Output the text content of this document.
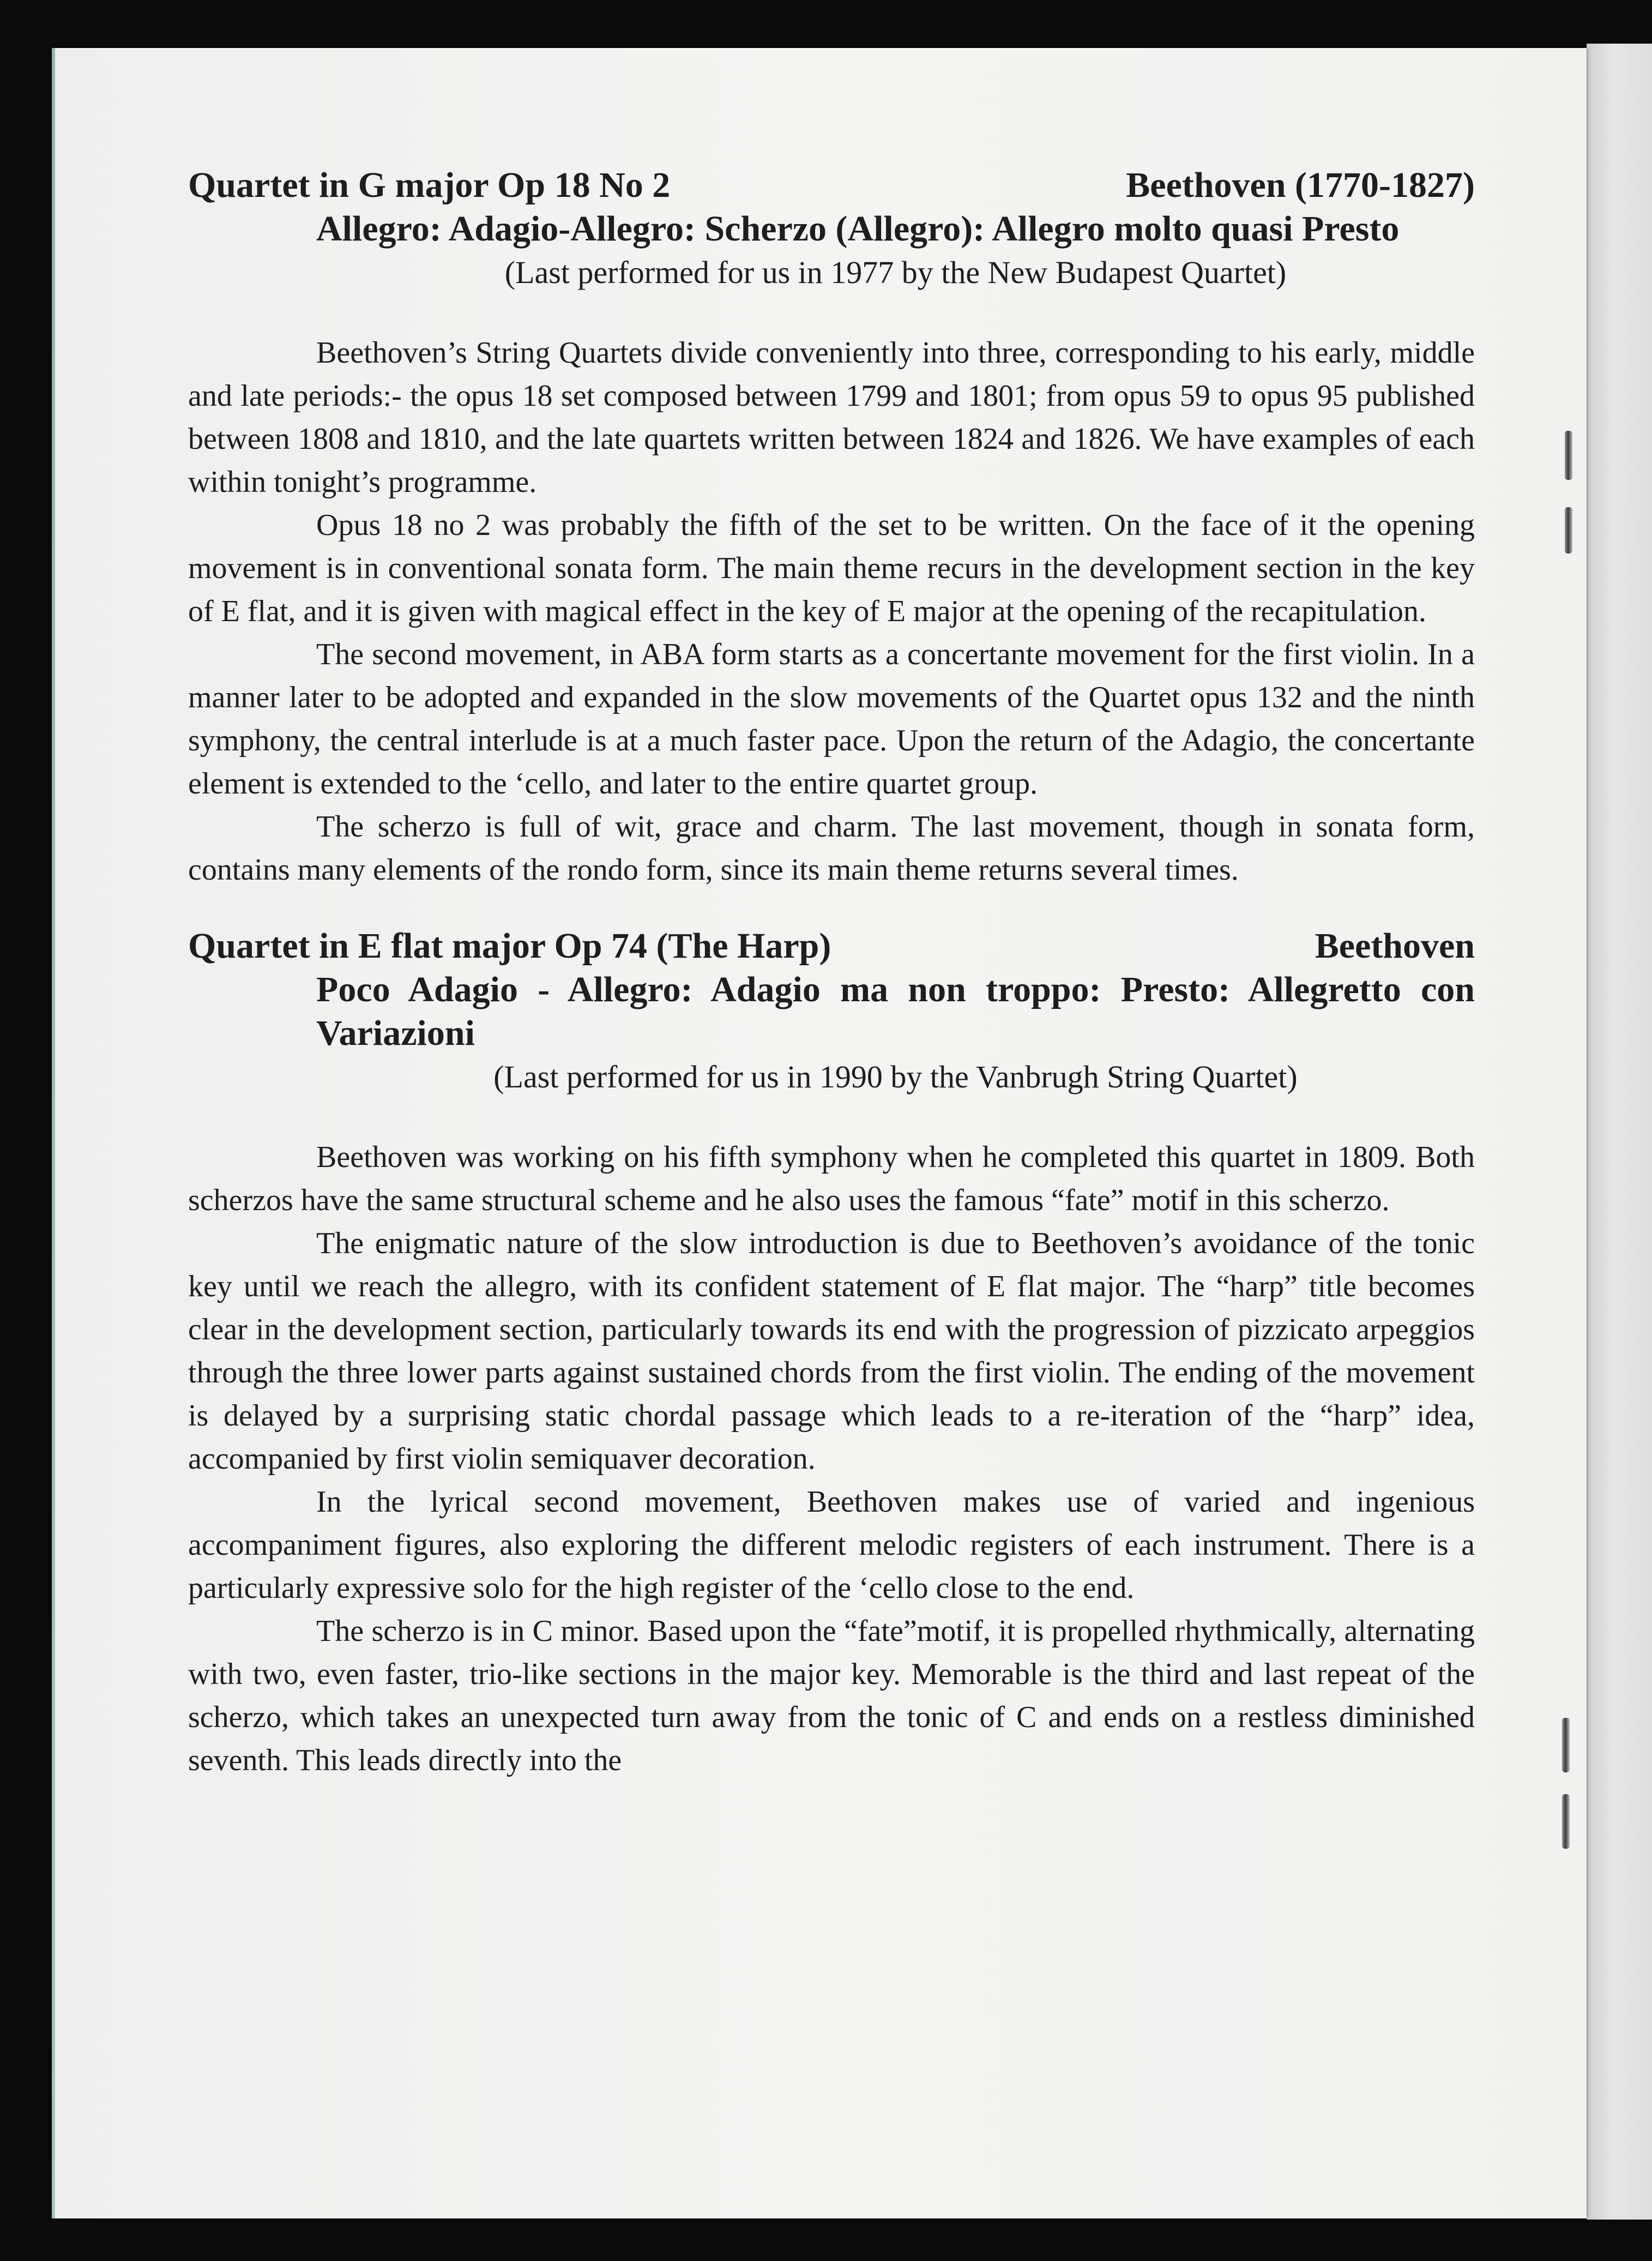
Quartet in G major Op 18 No 2	Beethoven (1770-1827)
Allegro: Adagio-Allegro: Scherzo (Allegro): Allegro molto quasi Presto
(Last performed for us in 1977 by the New Budapest Quartet)

Beethoven’s String Quartets divide conveniently into three, corresponding to his early, middle and late periods:- the opus 18 set composed between 1799 and 1801; from opus 59 to opus 95 published between 1808 and 1810, and the late quartets written between 1824 and 1826. We have examples of each within tonight’s programme.

Opus 18 no 2 was probably the fifth of the set to be written. On the face of it the opening movement is in conventional sonata form. The main theme recurs in the development section in the key of E flat, and it is given with magical effect in the key of E major at the opening of the recapitulation.

The second movement, in ABA form starts as a concertante movement for the first violin. In a manner later to be adopted and expanded in the slow movements of the Quartet opus 132 and the ninth symphony, the central interlude is at a much faster pace. Upon the return of the Adagio, the concertante element is extended to the ‘cello, and later to the entire quartet group.

The scherzo is full of wit, grace and charm. The last movement, though in sonata form, contains many elements of the rondo form, since its main theme returns several times.

Quartet in E flat major Op 74 (The Harp)	Beethoven
Poco Adagio - Allegro: Adagio ma non troppo: Presto: Allegretto con Variazioni
(Last performed for us in 1990 by the Vanbrugh String Quartet)

Beethoven was working on his fifth symphony when he completed this quartet in 1809. Both scherzos have the same structural scheme and he also uses the famous “fate” motif in this scherzo.

The enigmatic nature of the slow introduction is due to Beethoven’s avoidance of the tonic key until we reach the allegro, with its confident statement of E flat major. The “harp” title becomes clear in the development section, particularly towards its end with the progression of pizzicato arpeggios through the three lower parts against sustained chords from the first violin. The ending of the movement is delayed by a surprising static chordal passage which leads to a re-iteration of the “harp” idea, accompanied by first violin semiquaver decoration.

In the lyrical second movement, Beethoven makes use of varied and ingenious accompaniment figures, also exploring the different melodic registers of each instrument. There is a particularly expressive solo for the high register of the ‘cello close to the end.

The scherzo is in C minor. Based upon the “fate”motif, it is propelled rhythmically, alternating with two, even faster, trio-like sections in the major key. Memorable is the third and last repeat of the scherzo, which takes an unexpected turn away from the tonic of C and ends on a restless diminished seventh. This leads directly into the
